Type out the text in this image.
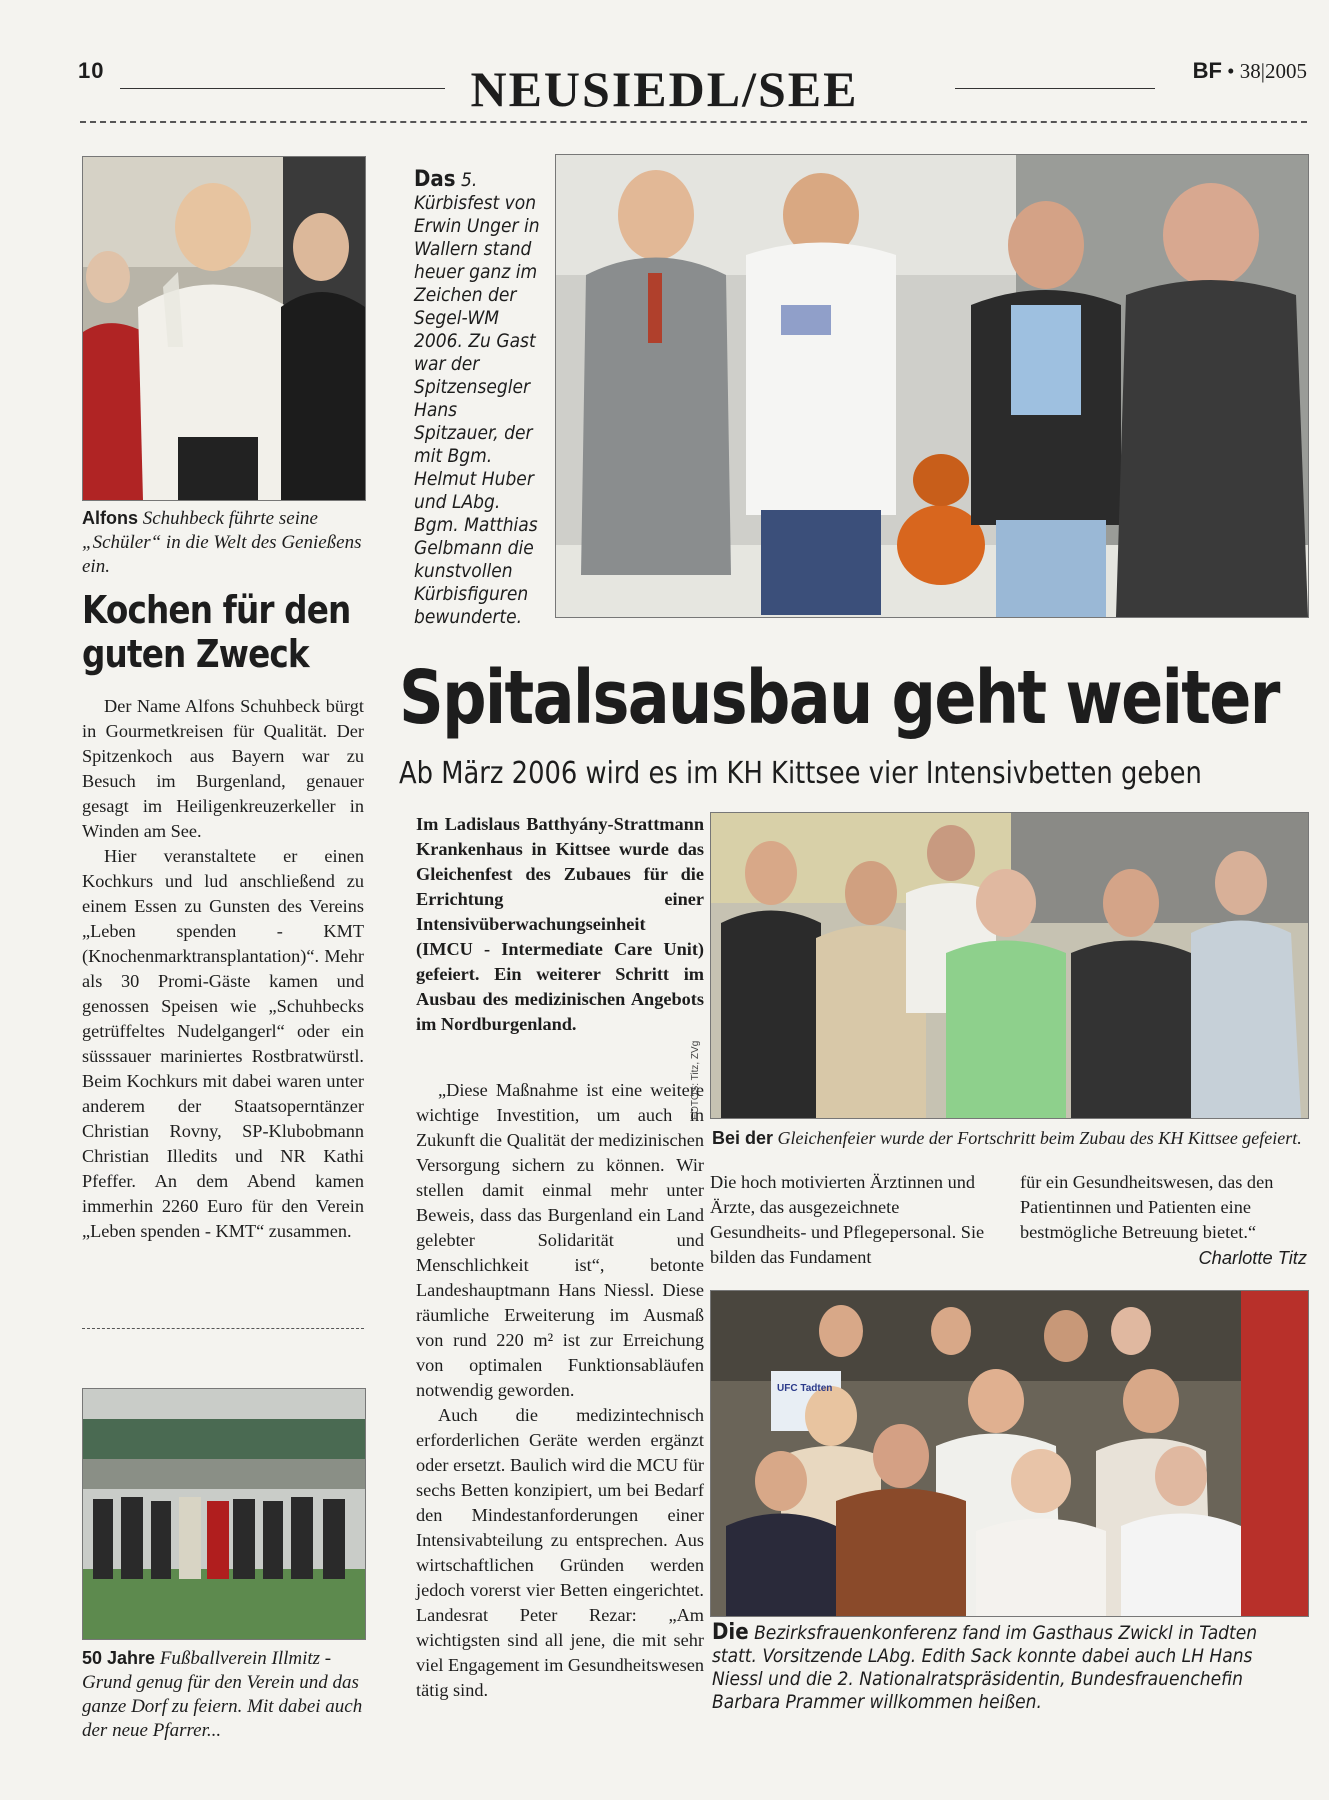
10	NEUSIEDL/SEE	BF • 38|2005
Alfons Schuhbeck führte seine „Schüler“ in die Welt des Genießens ein.
Kochen für den guten Zweck

Der Name Alfons Schuhbeck bürgt in Gourmetkreisen für Qualität. Der Spitzenkoch aus Bayern war zu Besuch im Burgenland, genauer gesagt im Heiligenkreuzerkeller in Winden am See.

Hier veranstaltete er einen Kochkurs und lud anschließend zu einem Essen zu Gunsten des Vereins „Leben spenden - KMT (Knochenmarktransplantation)“. Mehr als 30 Promi-Gäste kamen und genossen Speisen wie „Schuhbecks getrüffeltes Nudelgangerl“ oder ein süsssauer mariniertes Rostbratwürstl. Beim Kochkurs mit dabei waren unter anderem der Staatsoperntänzer Christian Rovny, SP-Klubobmann Christian Illedits und NR Kathi Pfeffer. An dem Abend kamen immerhin 2260 Euro für den Verein „Leben spenden - KMT“ zusammen.

50 Jahre Fußballverein Illmitz - Grund genug für den Verein und das ganze Dorf zu feiern. Mit dabei auch der neue Pfarrer...
Das 5. Kürbisfest von Erwin Unger in Wallern stand heuer ganz im Zeichen der Segel-WM 2006. Zu Gast war der Spitzensegler Hans Spitzauer, der mit Bgm. Helmut Huber und LAbg. Bgm. Matthias Gelbmann die kunstvollen Kürbisfiguren bewunderte.
Spitalsausbau geht weiter
Ab März 2006 wird es im KH Kittsee vier Intensivbetten geben
Im Ladislaus Batthyány-Strattmann Krankenhaus in Kittsee wurde das Gleichenfest des Zubaues für die Errichtung einer Intensivüberwachungseinheit (IMCU - Intermediate Care Unit) gefeiert. Ein weiterer Schritt im Ausbau des medizinischen Angebots im Nordburgenland.

„Diese Maßnahme ist eine weitere wichtige Investition, um auch in Zukunft die Qualität der medizinischen Versorgung sichern zu können. Wir stellen damit einmal mehr unter Beweis, dass das Burgenland ein Land gelebter Solidarität und Menschlichkeit ist“, betonte Landeshauptmann Hans Niessl. Diese räumliche Erweiterung im Ausmaß von rund 220 m² ist zur Erreichung von optimalen Funktionsabläufen notwendig geworden.

Auch die medizintechnisch erforderlichen Geräte werden ergänzt oder ersetzt. Baulich wird die MCU für sechs Betten konzipiert, um bei Bedarf den Mindestanforderungen einer Intensivabteilung zu entsprechen. Aus wirtschaftlichen Gründen werden jedoch vorerst vier Betten eingerichtet. Landesrat Peter Rezar: „Am wichtigsten sind all jene, die mit sehr viel Engagement im Gesundheitswesen tätig sind.

FOTOS: Titz, ZVg
Bei der Gleichenfeier wurde der Fortschritt beim Zubau des KH Kittsee gefeiert.

Die hoch motivierten Ärztinnen und Ärzte, das ausgezeichnete Gesundheits- und Pflegepersonal. Sie bilden das Fundament

für ein Gesundheitswesen, das den Patientinnen und Patienten eine bestmögliche Betreuung bietet.“

Charlotte Titz
UFC Tadten
Die Bezirksfrauenkonferenz fand im Gasthaus Zwickl in Tadten statt. Vorsitzende LAbg. Edith Sack konnte dabei auch LH Hans Niessl und die 2. Nationalratspräsidentin, Bundesfrauenchefin Barbara Prammer willkommen heißen.
